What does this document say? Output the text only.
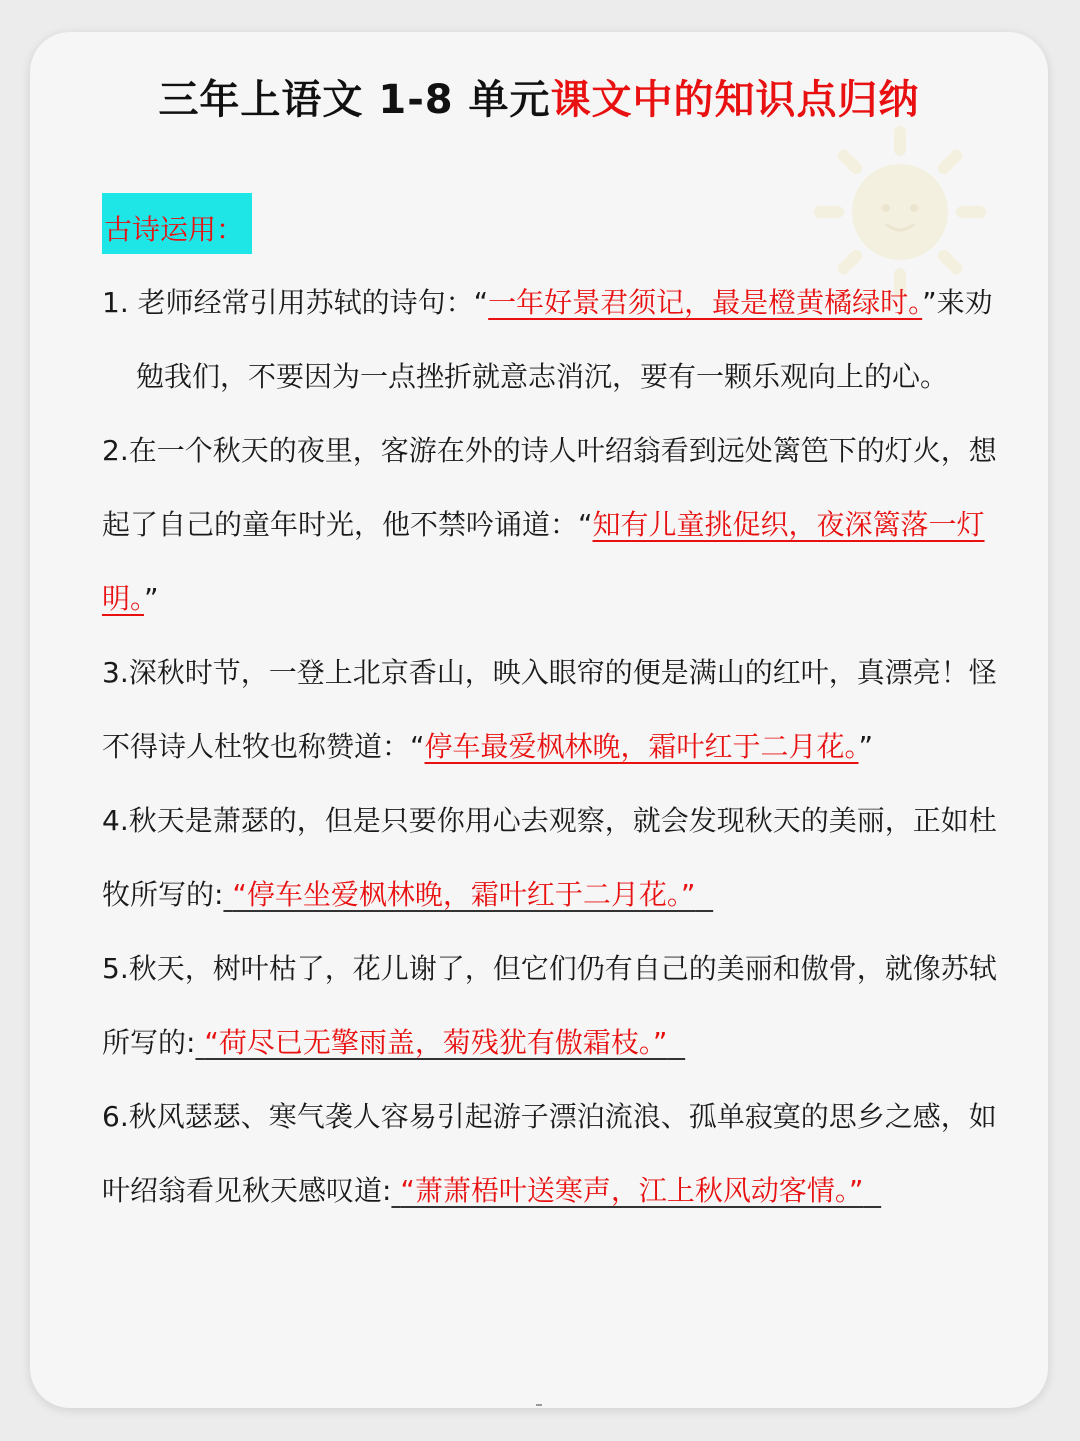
三年上语文 1-8 单元课文中的知识点归纳
古诗运用：

1. 老师经常引用苏轼的诗句：“一年好景君须记，最是橙黄橘绿时。”来劝勉我们，不要因为一点挫折就意志消沉，要有一颗乐观向上的心。

2.在一个秋天的夜里，客游在外的诗人叶绍翁看到远处篱笆下的灯火，想起了自己的童年时光，他不禁吟诵道：“知有儿童挑促织，夜深篱落一灯明。”

3.深秋时节，一登上北京香山，映入眼帘的便是满山的红叶，真漂亮！怪不得诗人杜牧也称赞道：“停车最爱枫林晚，霜叶红于二月花。”

4.秋天是萧瑟的，但是只要你用心去观察，就会发现秋天的美丽，正如杜牧所写的: “停车坐爱枫林晚，霜叶红于二月花。”

5.秋天，树叶枯了，花儿谢了，但它们仍有自己的美丽和傲骨，就像苏轼所写的: “荷尽已无擎雨盖，菊残犹有傲霜枝。”

6.秋风瑟瑟、寒气袭人容易引起游子漂泊流浪、孤单寂寞的思乡之感，如叶绍翁看见秋天感叹道: “萧萧梧叶送寒声，江上秋风动客情。”
